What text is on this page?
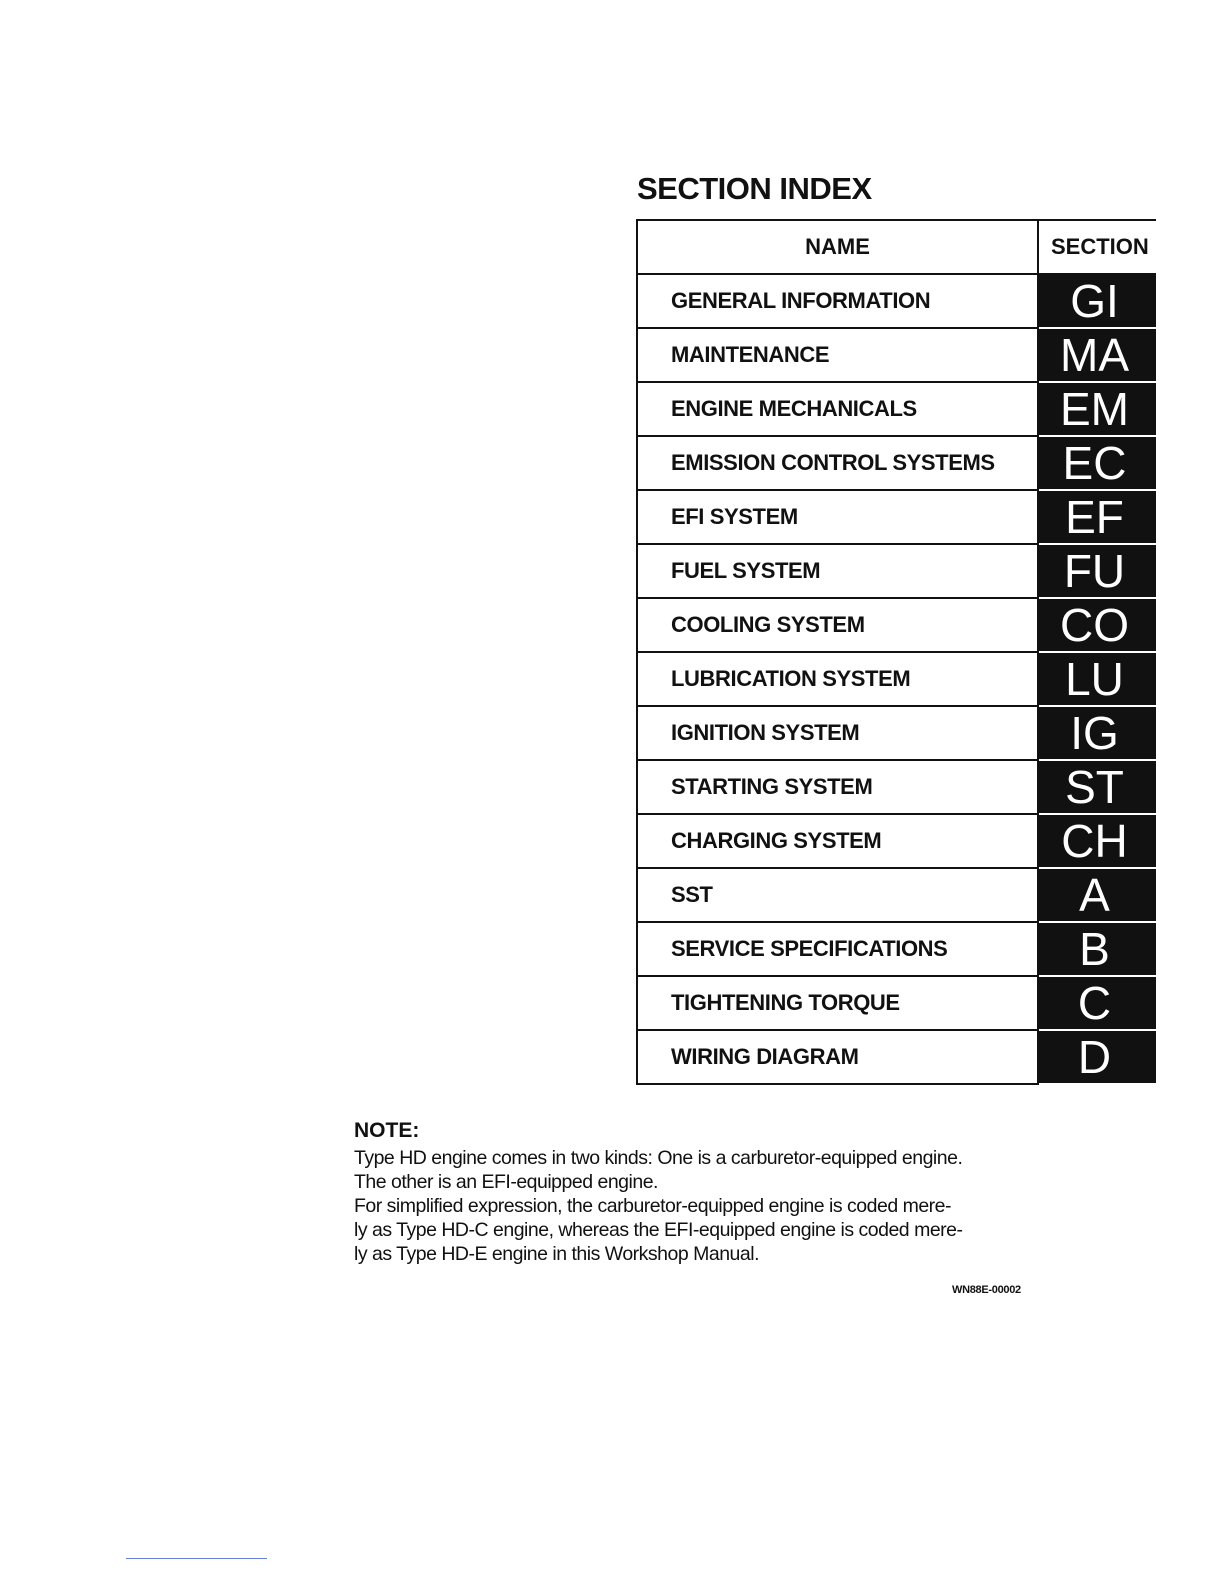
SECTION INDEX
NAME	SECTION
GENERAL INFORMATION	GI
MAINTENANCE	MA
ENGINE MECHANICALS	EM
EMISSION CONTROL SYSTEMS	EC
EFI SYSTEM	EF
FUEL SYSTEM	FU
COOLING SYSTEM	CO
LUBRICATION SYSTEM	LU
IGNITION SYSTEM	IG
STARTING SYSTEM	ST
CHARGING SYSTEM	CH
SST	A
SERVICE SPECIFICATIONS	B
TIGHTENING TORQUE	C
WIRING DIAGRAM	D

NOTE:

Type HD engine comes in two kinds: One is a carburetor-equipped engine.

The other is an EFI-equipped engine.

For simplified expression, the carburetor-equipped engine is coded mere-

ly as Type HD-C engine, whereas the EFI-equipped engine is coded mere-

ly as Type HD-E engine in this Workshop Manual.

WN88E-00002
